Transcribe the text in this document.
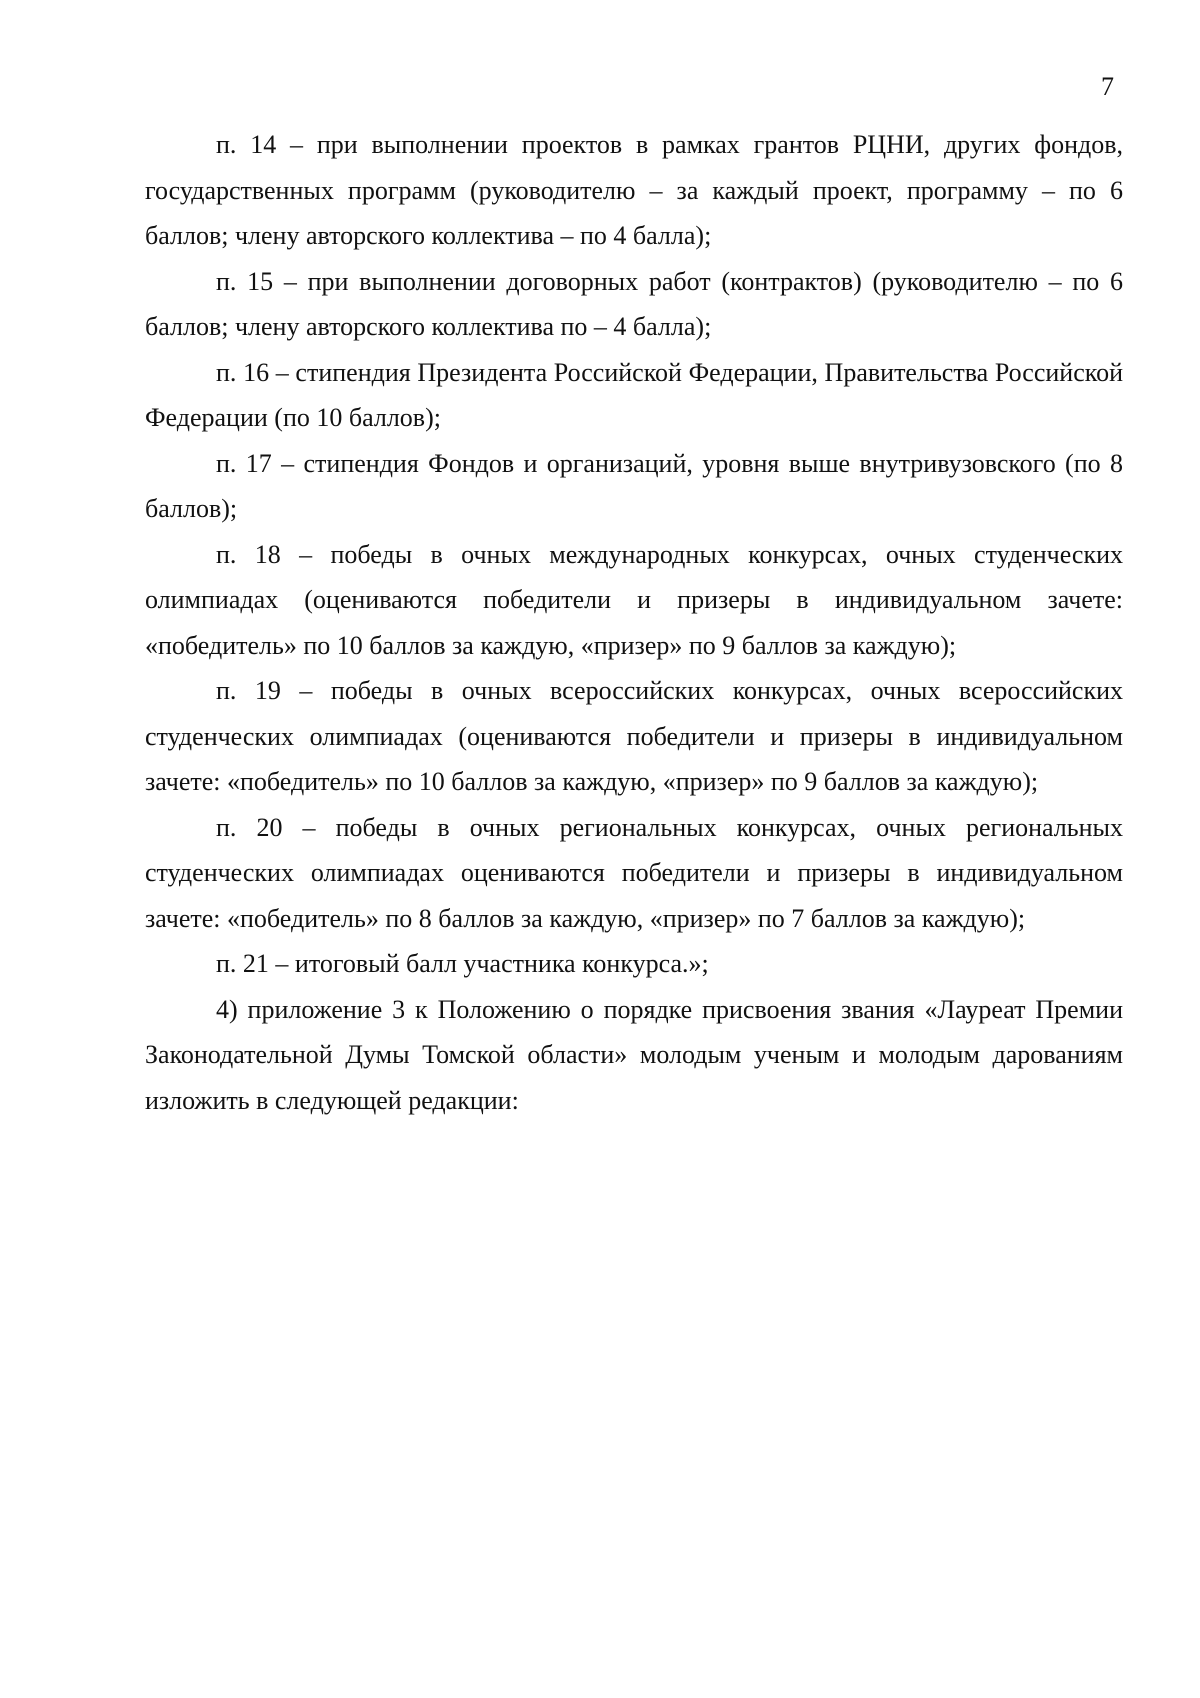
7

п. 14 – при выполнении проектов в рамках грантов РЦНИ, других фондов, государственных программ (руководителю – за каждый проект, программу – по 6 баллов; члену авторского коллектива – по 4 балла);

п. 15 – при выполнении договорных работ (контрактов) (руководителю – по 6 баллов; члену авторского коллектива по – 4 балла);

п. 16 – стипендия Президента Российской Федерации, Правительства Российской Федерации (по 10 баллов);

п. 17 – стипендия Фондов и организаций, уровня выше внутривузовского (по 8 баллов);

п. 18 – победы в очных международных конкурсах, очных студенческих олимпиадах (оцениваются победители и призеры в индивидуальном зачете: «победитель» по 10 баллов за каждую, «призер» по 9 баллов за каждую);

п. 19 – победы в очных всероссийских конкурсах, очных всероссийских студенческих олимпиадах (оцениваются победители и призеры в индивидуальном зачете: «победитель» по 10 баллов за каждую, «призер» по 9 баллов за каждую);

п. 20 – победы в очных региональных конкурсах, очных региональных студенческих олимпиадах оцениваются победители и призеры в индивидуальном зачете: «победитель» по 8 баллов за каждую, «призер» по 7 баллов за каждую);

п. 21 – итоговый балл участника конкурса.»;

4) приложение 3 к Положению о порядке присвоения звания «Лауреат Премии Законодательной Думы Томской области» молодым ученым и молодым дарованиям изложить в следующей редакции:
